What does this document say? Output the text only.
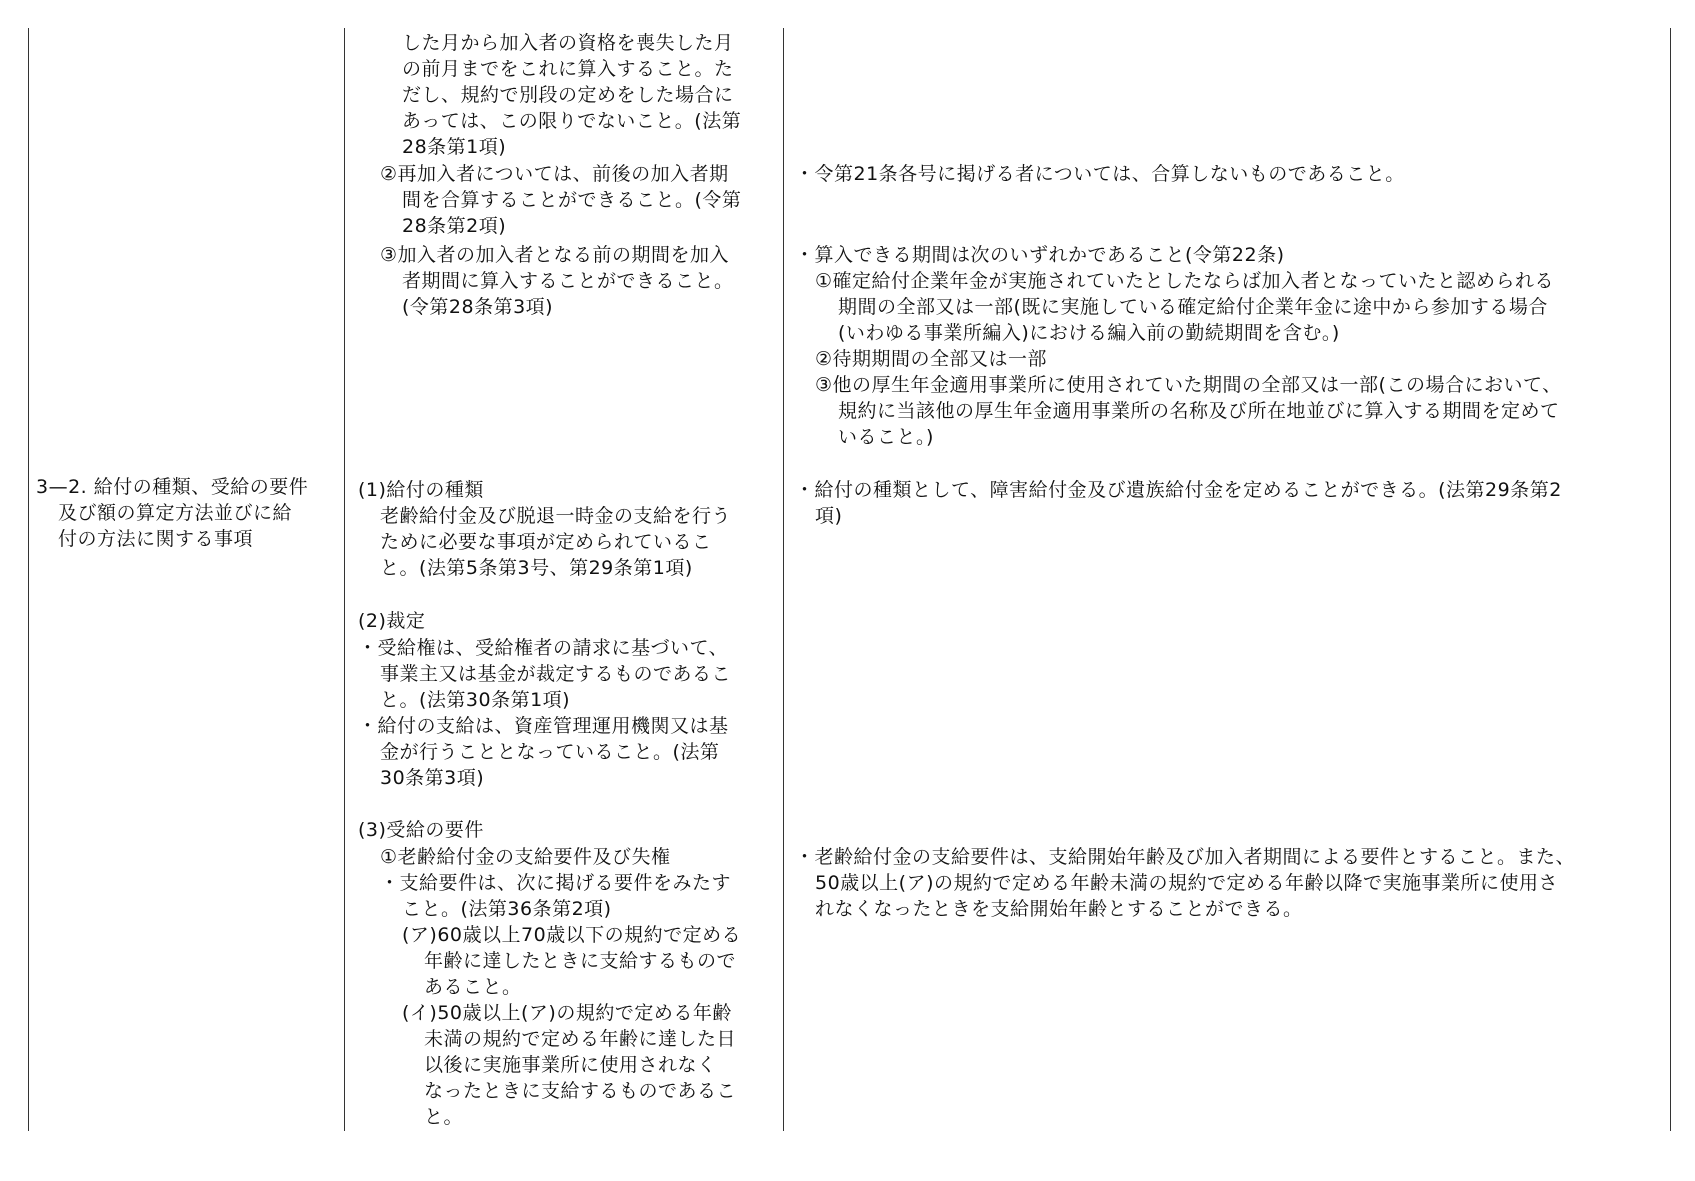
3—2. 給付の種類、受給の要件
及び額の算定方法並びに給
付の方法に関する事項
した月から加入者の資格を喪失した月
の前月までをこれに算入すること。た
だし、規約で別段の定めをした場合に
あっては、この限りでないこと。(法第
28条第1項)
②再加入者については、前後の加入者期
間を合算することができること。(令第
28条第2項)
③加入者の加入者となる前の期間を加入
者期間に算入することができること。
(令第28条第3項)
(1)給付の種類
老齢給付金及び脱退一時金の支給を行う
ために必要な事項が定められているこ
と。(法第5条第3号、第29条第1項)
(2)裁定
・受給権は、受給権者の請求に基づいて、
事業主又は基金が裁定するものであるこ
と。(法第30条第1項)
・給付の支給は、資産管理運用機関又は基
金が行うこととなっていること。(法第
30条第3項)
(3)受給の要件
①老齢給付金の支給要件及び失権
・支給要件は、次に掲げる要件をみたす
こと。(法第36条第2項)
(ア)60歳以上70歳以下の規約で定める
年齢に達したときに支給するもので
あること。
(イ)50歳以上(ア)の規約で定める年齢
未満の規約で定める年齢に達した日
以後に実施事業所に使用されなく
なったときに支給するものであるこ
と。
・令第21条各号に掲げる者については、合算しないものであること。
・算入できる期間は次のいずれかであること(令第22条)
①確定給付企業年金が実施されていたとしたならば加入者となっていたと認められる
期間の全部又は一部(既に実施している確定給付企業年金に途中から参加する場合
(いわゆる事業所編入)における編入前の勤続期間を含む。)
②待期期間の全部又は一部
③他の厚生年金適用事業所に使用されていた期間の全部又は一部(この場合において、
規約に当該他の厚生年金適用事業所の名称及び所在地並びに算入する期間を定めて
いること。)
・給付の種類として、障害給付金及び遺族給付金を定めることができる。(法第29条第2
項)
・老齢給付金の支給要件は、支給開始年齢及び加入者期間による要件とすること。また、
50歳以上(ア)の規約で定める年齢未満の規約で定める年齢以降で実施事業所に使用さ
れなくなったときを支給開始年齢とすることができる。
